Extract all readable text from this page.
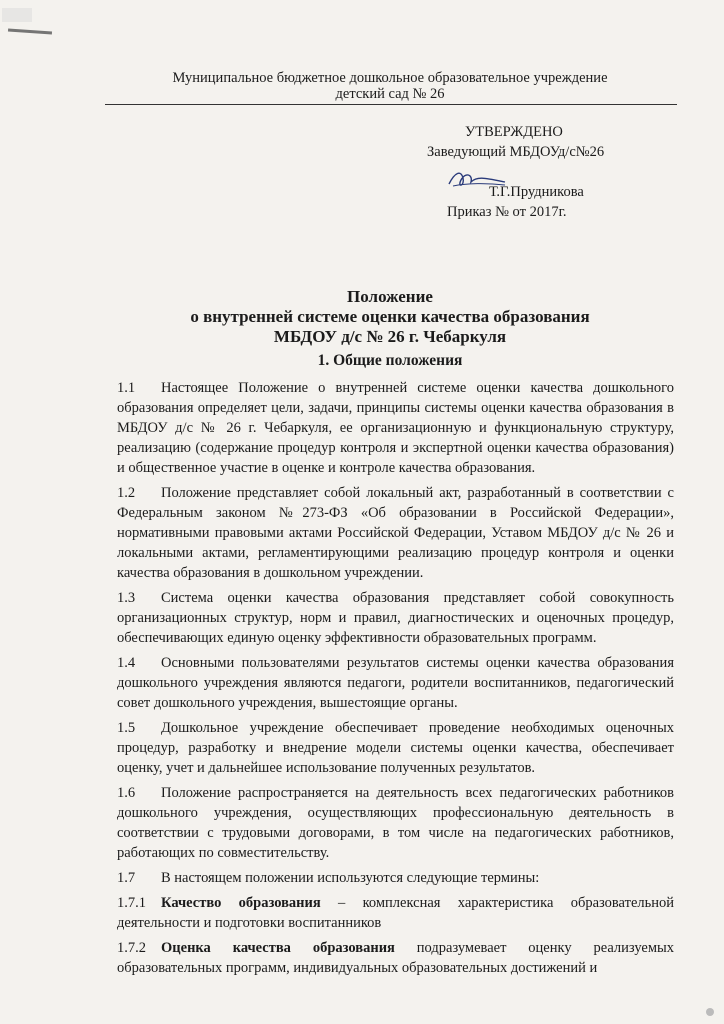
Муниципальное бюджетное дошкольное образовательное учреждение
детский сад № 26
УТВЕРЖДЕНО
Заведующий МБДОУд/с№26
Т.Г.Прудникова
Приказ № от 2017г.
Положение
о внутренней системе оценки качества образования
МБДОУ д/с № 26 г. Чебаркуля
1. Общие положения

1.1 Настоящее Положение о внутренней системе оценки качества дошкольного образования определяет цели, задачи, принципы системы оценки качества образования в МБДОУ д/с № 26 г. Чебаркуля, ее организационную и функциональную структуру, реализацию (содержание процедур контроля и экспертной оценки качества образования) и общественное участие в оценке и контроле качества образования.

1.2 Положение представляет собой локальный акт, разработанный в соответствии с Федеральным законом №273-ФЗ «Об образовании в Российской Федерации», нормативными правовыми актами Российской Федерации, Уставом МБДОУ д/с № 26 и локальными актами, регламентирующими реализацию процедур контроля и оценки качества образования в дошкольном учреждении.

1.3 Система оценки качества образования представляет собой совокупность организационных структур, норм и правил, диагностических и оценочных процедур, обеспечивающих единую оценку эффективности образовательных программ.

1.4 Основными пользователями результатов системы оценки качества образования дошкольного учреждения являются педагоги, родители воспитанников, педагогический совет дошкольного учреждения, вышестоящие органы.

1.5 Дошкольное учреждение обеспечивает проведение необходимых оценочных процедур, разработку и внедрение модели системы оценки качества, обеспечивает оценку, учет и дальнейшее использование полученных результатов.

1.6 Положение распространяется на деятельность всех педагогических работников дошкольного учреждения, осуществляющих профессиональную деятельность в соответствии с трудовыми договорами, в том числе на педагогических работников, работающих по совместительству.

1.7 В настоящем положении используются следующие термины:

1.7.1 Качество образования – комплексная характеристика образовательной деятельности и подготовки воспитанников

1.7.2 Оценка качества образования подразумевает оценку реализуемых образовательных программ, индивидуальных образовательных достижений и
